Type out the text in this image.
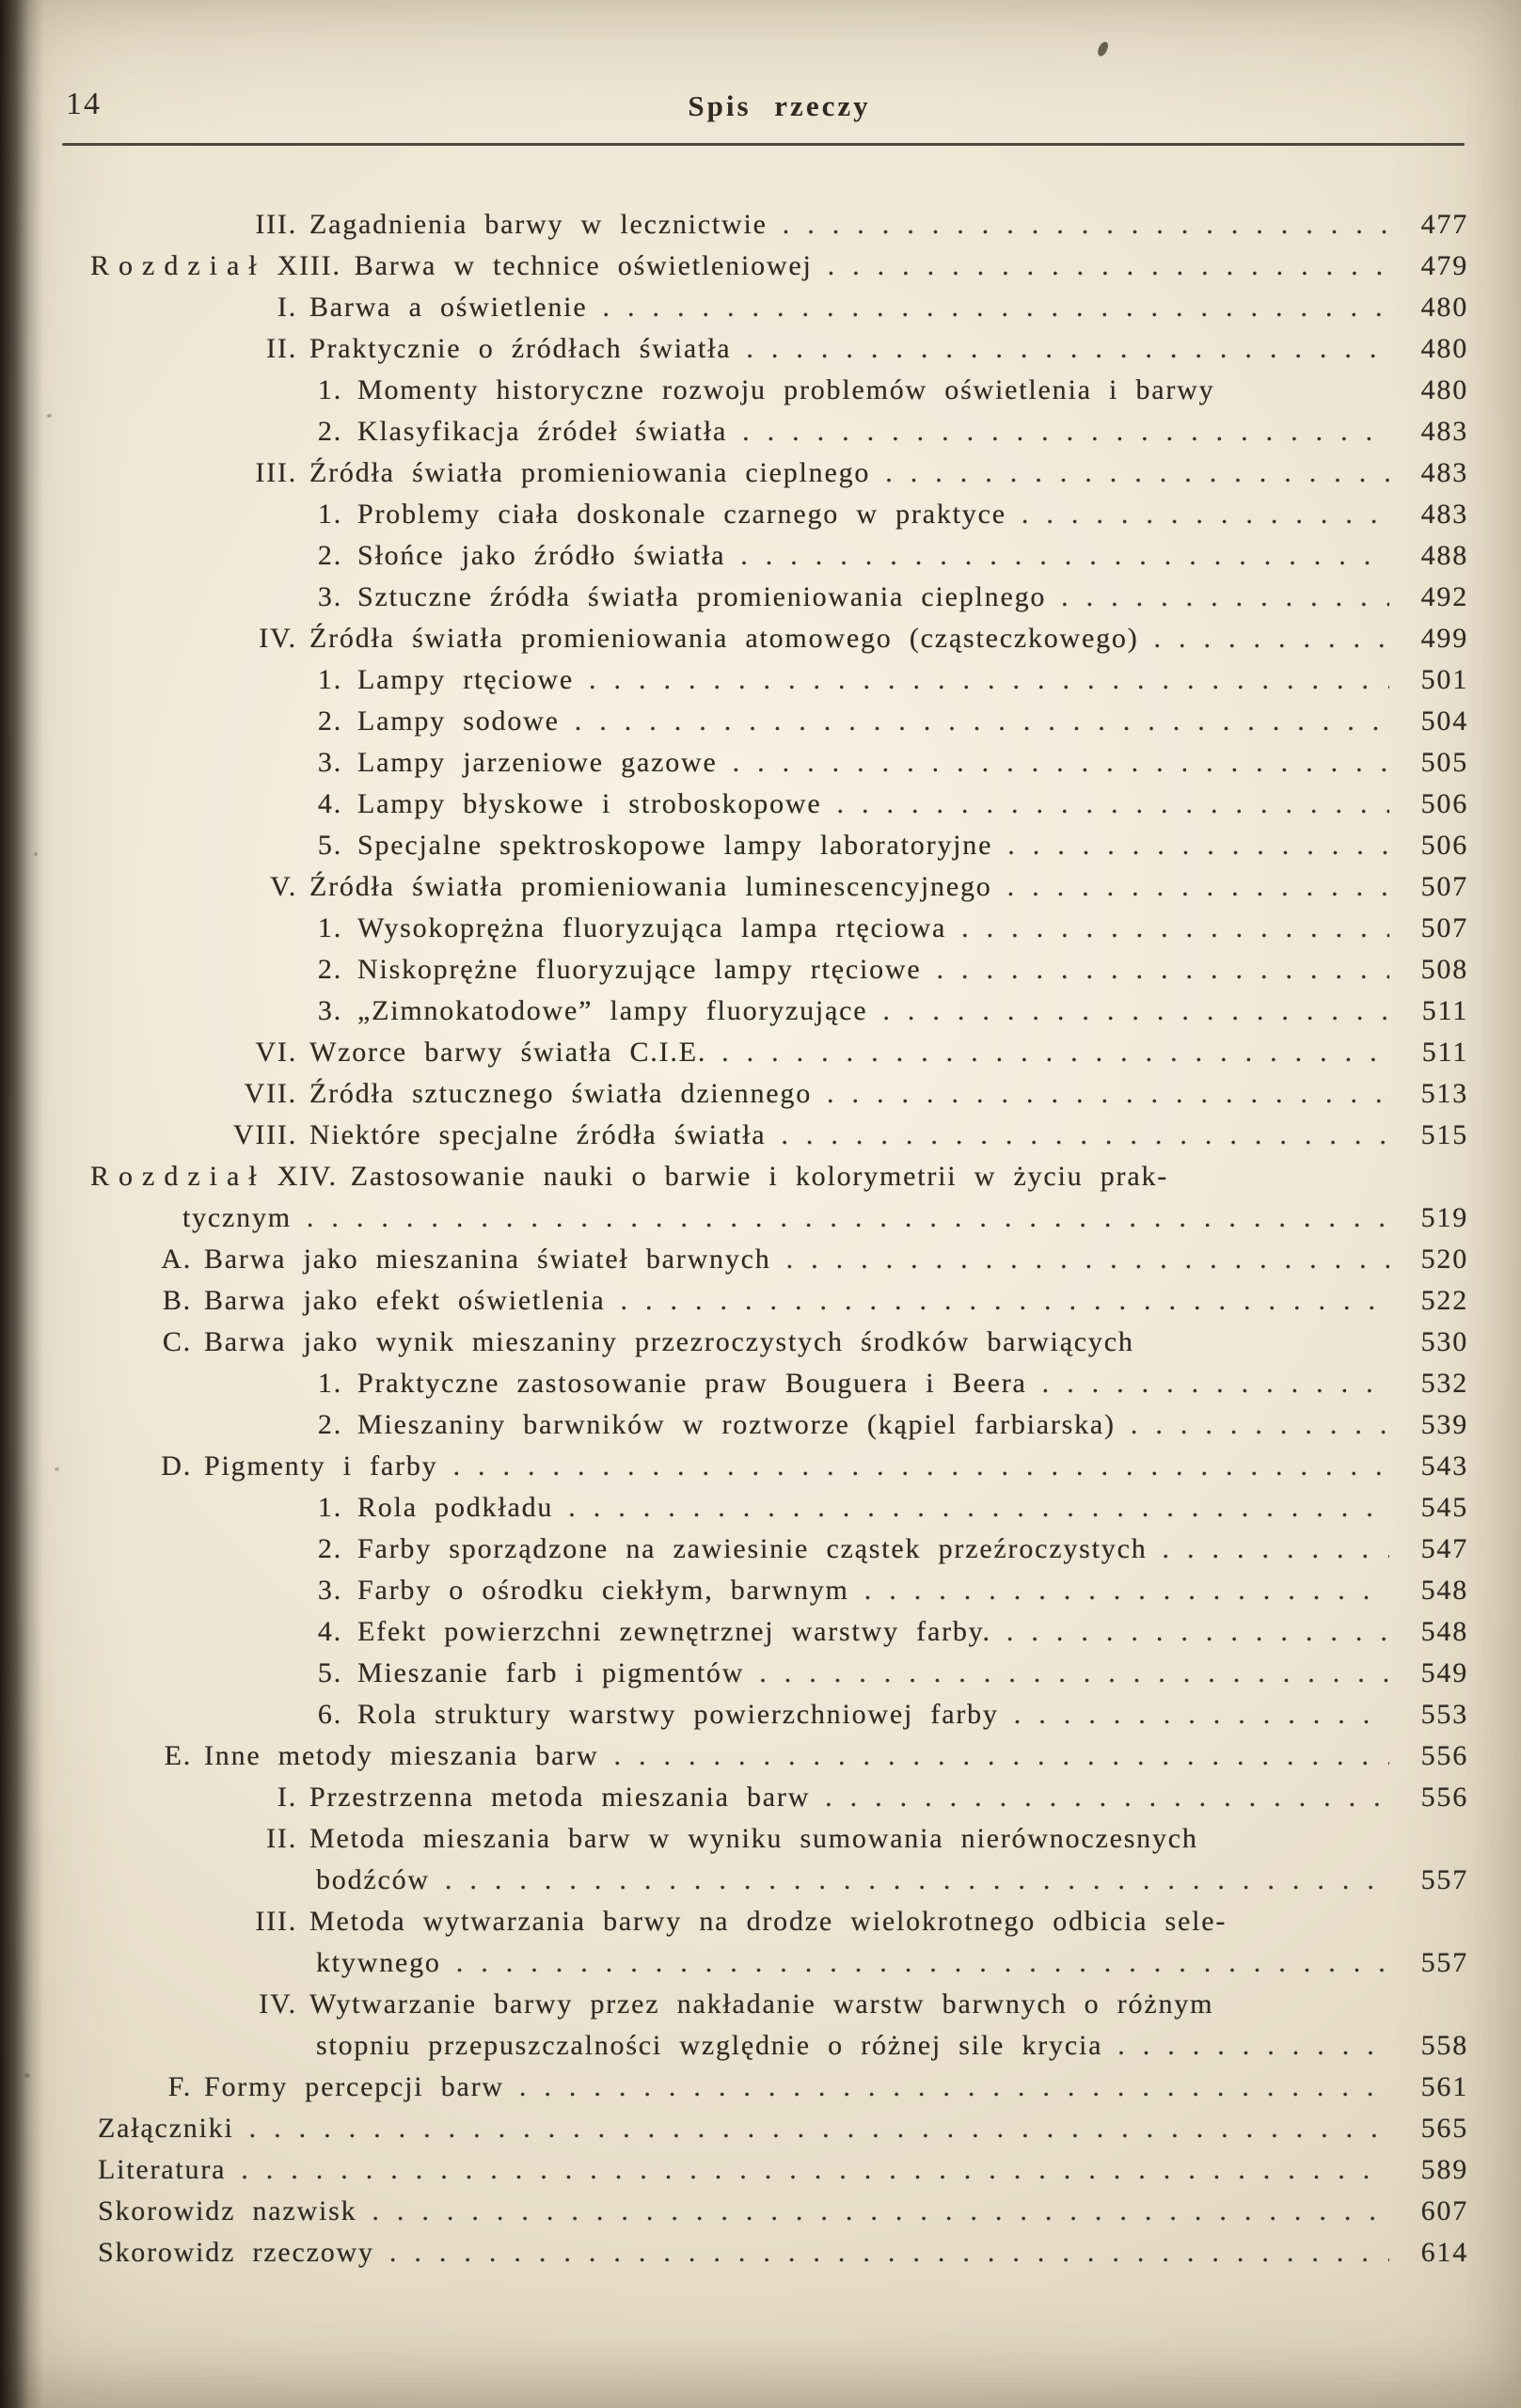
14	Spis rzeczy
III. Zagadnienia barwy w lecznictwie .....	477
Rozdział XIII. Barwa w technice oświetleniowej .....	479
I. Barwa a oświetlenie .....	480
II. Praktycznie o źródłach światła .....	480
1. Momenty historyczne rozwoju problemów oświetlenia i barwy	480
2. Klasyfikacja źródeł światła .....	483
III. Źródła światła promieniowania cieplnego .....	483
1. Problemy ciała doskonale czarnego w praktyce .....	483
2. Słońce jako źródło światła .....	488
3. Sztuczne źródła światła promieniowania cieplnego .....	492
IV. Źródła światła promieniowania atomowego (cząsteczkowego) .....	499
1. Lampy rtęciowe .....	501
2. Lampy sodowe .....	504
3. Lampy jarzeniowe gazowe .....	505
4. Lampy błyskowe i stroboskopowe .....	506
5. Specjalne spektroskopowe lampy laboratoryjne .....	506
V. Źródła światła promieniowania luminescencyjnego .....	507
1. Wysokoprężna fluoryzująca lampa rtęciowa .....	507
2. Niskoprężne fluoryzujące lampy rtęciowe .....	508
3. „Zimnokatodowe” lampy fluoryzujące .....	511
VI. Wzorce barwy światła C.I.E. .....	511
VII. Źródła sztucznego światła dziennego .....	513
VIII. Niektóre specjalne źródła światła .....	515
Rozdział XIV. Zastosowanie nauki o barwie i kolorymetrii w życiu prak-
tycznym .....	519
A. Barwa jako mieszanina świateł barwnych .....	520
B. Barwa jako efekt oświetlenia .....	522
C. Barwa jako wynik mieszaniny przezroczystych środków barwiących	530
1. Praktyczne zastosowanie praw Bouguera i Beera .....	532
2. Mieszaniny barwników w roztworze (kąpiel farbiarska) .....	539
D. Pigmenty i farby .....	543
1. Rola podkładu .....	545
2. Farby sporządzone na zawiesinie cząstek przeźroczystych .....	547
3. Farby o ośrodku ciekłym, barwnym .....	548
4. Efekt powierzchni zewnętrznej warstwy farby. .....	548
5. Mieszanie farb i pigmentów .....	549
6. Rola struktury warstwy powierzchniowej farby .....	553
E. Inne metody mieszania barw .....	556
I. Przestrzenna metoda mieszania barw .....	556
II. Metoda mieszania barw w wyniku sumowania nierównoczesnych
bodźców .....	557
III. Metoda wytwarzania barwy na drodze wielokrotnego odbicia sele-
ktywnego .....	557
IV. Wytwarzanie barwy przez nakładanie warstw barwnych o różnym
stopniu przepuszczalności względnie o różnej sile krycia .....	558
F. Formy percepcji barw .....	561
Załączniki .....	565
Literatura .....	589
Skorowidz nazwisk .....	607
Skorowidz rzeczowy .....	614
